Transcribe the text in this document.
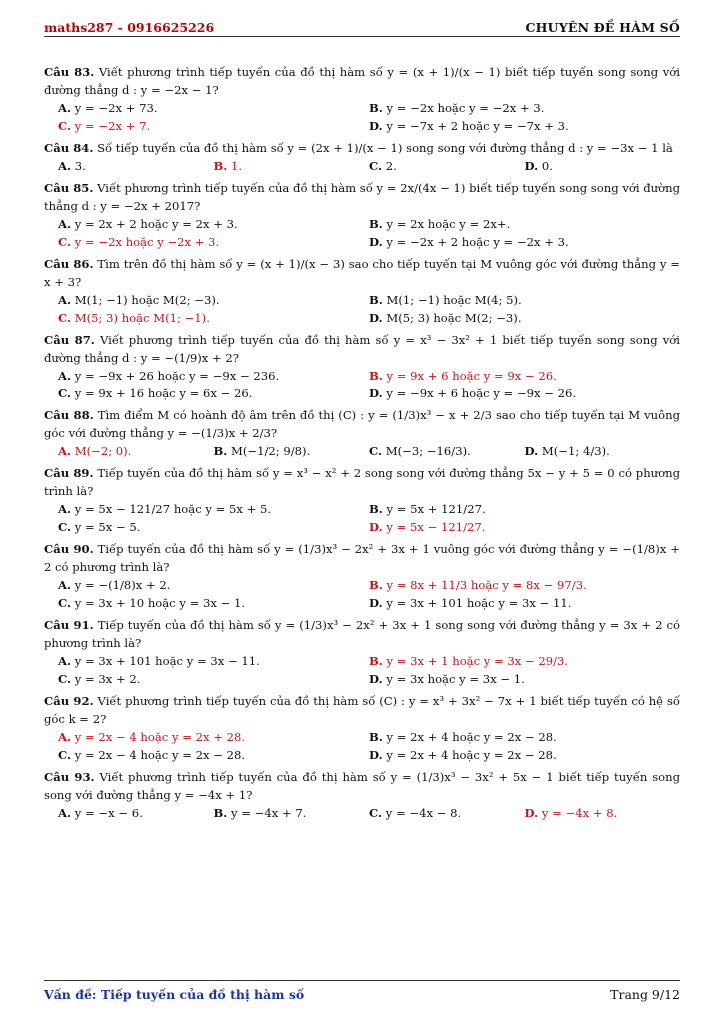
maths287 - 0916625226	CHUYÊN ĐỀ HÀM SỐ
Câu 83. Viết phương trình tiếp tuyến của đồ thị hàm số y = (x + 1)/(x − 1) biết tiếp tuyến song song với đường thẳng d : y = −2x − 1?
A. y = −2x + 73.	B. y = −2x hoặc y = −2x + 3.
C. y = −2x + 7.	D. y = −7x + 2 hoặc y = −7x + 3.
Câu 84. Số tiếp tuyến của đồ thị hàm số y = (2x + 1)/(x − 1) song song với đường thẳng d : y = −3x − 1 là
A. 3.	B. 1.	C. 2.	D. 0.
Câu 85. Viết phương trình tiếp tuyến của đồ thị hàm số y = 2x/(4x − 1) biết tiếp tuyến song song với đường thẳng d : y = −2x + 2017?
A. y = 2x + 2 hoặc y = 2x + 3.	B. y = 2x hoặc y = 2x+.
C. y = −2x hoặc y −2x + 3.	D. y = −2x + 2 hoặc y = −2x + 3.
Câu 86. Tìm trên đồ thị hàm số y = (x + 1)/(x − 3) sao cho tiếp tuyến tại M vuông góc với đường thẳng y = x + 3?
A. M(1; −1) hoặc M(2; −3).	B. M(1; −1) hoặc M(4; 5).
C. M(5; 3) hoặc M(1; −1).	D. M(5; 3) hoặc M(2; −3).
Câu 87. Viết phương trình tiếp tuyến của đồ thị hàm số y = x³ − 3x² + 1 biết tiếp tuyến song song với đường thẳng d : y = −(1/9)x + 2?
A. y = −9x + 26 hoặc y = −9x − 236.	B. y = 9x + 6 hoặc y = 9x − 26.
C. y = 9x + 16 hoặc y = 6x − 26.	D. y = −9x + 6 hoặc y = −9x − 26.
Câu 88. Tìm điểm M có hoành độ âm trên đồ thị (C) : y = (1/3)x³ − x + 2/3 sao cho tiếp tuyến tại M vuông góc với đường thẳng y = −(1/3)x + 2/3?
A. M(−2; 0).	B. M(−1/2; 9/8).	C. M(−3; −16/3).	D. M(−1; 4/3).
Câu 89. Tiếp tuyến của đồ thị hàm số y = x³ − x² + 2 song song với đường thẳng 5x − y + 5 = 0 có phương trình là?
A. y = 5x − 121/27 hoặc y = 5x + 5.	B. y = 5x + 121/27.
C. y = 5x − 5.	D. y = 5x − 121/27.
Câu 90. Tiếp tuyến của đồ thị hàm số y = (1/3)x³ − 2x² + 3x + 1 vuông góc với đường thẳng y = −(1/8)x + 2 có phương trình là?
A. y = −(1/8)x + 2.	B. y = 8x + 11/3 hoặc y = 8x − 97/3.
C. y = 3x + 10 hoặc y = 3x − 1.	D. y = 3x + 101 hoặc y = 3x − 11.
Câu 91. Tiếp tuyến của đồ thị hàm số y = (1/3)x³ − 2x² + 3x + 1 song song với đường thẳng y = 3x + 2 có phương trình là?
A. y = 3x + 101 hoặc y = 3x − 11.	B. y = 3x + 1 hoặc y = 3x − 29/3.
C. y = 3x + 2.	D. y = 3x hoặc y = 3x − 1.
Câu 92. Viết phương trình tiếp tuyến của đồ thị hàm số (C) : y = x³ + 3x² − 7x + 1 biết tiếp tuyến có hệ số góc k = 2?
A. y = 2x − 4 hoặc y = 2x + 28.	B. y = 2x + 4 hoặc y = 2x − 28.
C. y = 2x − 4 hoặc y = 2x − 28.	D. y = 2x + 4 hoặc y = 2x − 28.
Câu 93. Viết phương trình tiếp tuyến của đồ thị hàm số y = (1/3)x³ − 3x² + 5x − 1 biết tiếp tuyến song song với đường thẳng y = −4x + 1?
A. y = −x − 6.	B. y = −4x + 7.	C. y = −4x − 8.	D. y = −4x + 8.
Vấn đề: Tiếp tuyến của đồ thị hàm số	Trang 9/12
